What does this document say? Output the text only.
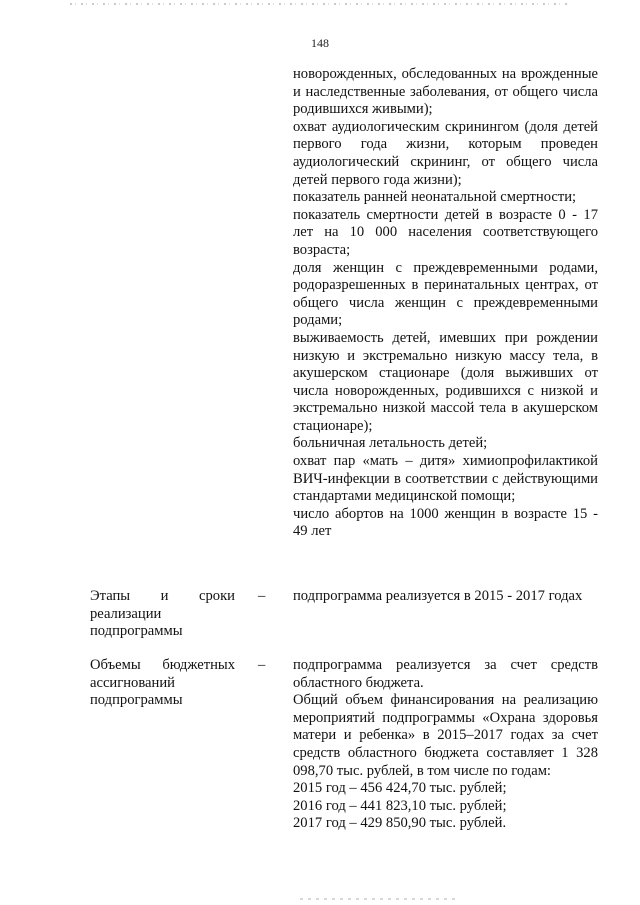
148
новорожденных, обследованных на врожденные и наследственные заболевания, от общего числа родившихся живыми);
охват аудиологическим скринингом (доля детей первого года жизни, которым проведен аудиологический скрининг, от общего числа детей первого года жизни);
показатель ранней неонатальной смертности;
показатель смертности детей в возрасте 0 - 17 лет на 10 000 населения соответствующего возраста;
доля женщин с преждевременными родами, родоразрешенных в перинатальных центрах, от общего числа женщин с преждевременными родами;
выживаемость детей, имевших при рождении низкую и экстремально низкую массу тела, в акушерском стационаре (доля выживших от числа новорожденных, родившихся с низкой и экстремально низкой массой тела в акушерском стационаре);
больничная летальность детей;
охват пар «мать – дитя» химиопрофилактикой ВИЧ-инфекции в соответствии с действующими стандартами медицинской помощи;
число абортов на 1000 женщин в возрасте 15 - 49 лет
Этапы и сроки реализации подпрограммы
– подпрограмма реализуется в 2015 - 2017 годах
Объемы бюджетных ассигнований подпрограммы
– подпрограмма реализуется за счет средств областного бюджета.
Общий объем финансирования на реализацию мероприятий подпрограммы «Охрана здоровья матери и ребенка» в 2015–2017 годах за счет средств областного бюджета составляет 1 328 098,70 тыс. рублей, в том числе по годам:
2015 год – 456 424,70 тыс. рублей;
2016 год – 441 823,10 тыс. рублей;
2017 год – 429 850,90 тыс. рублей.
